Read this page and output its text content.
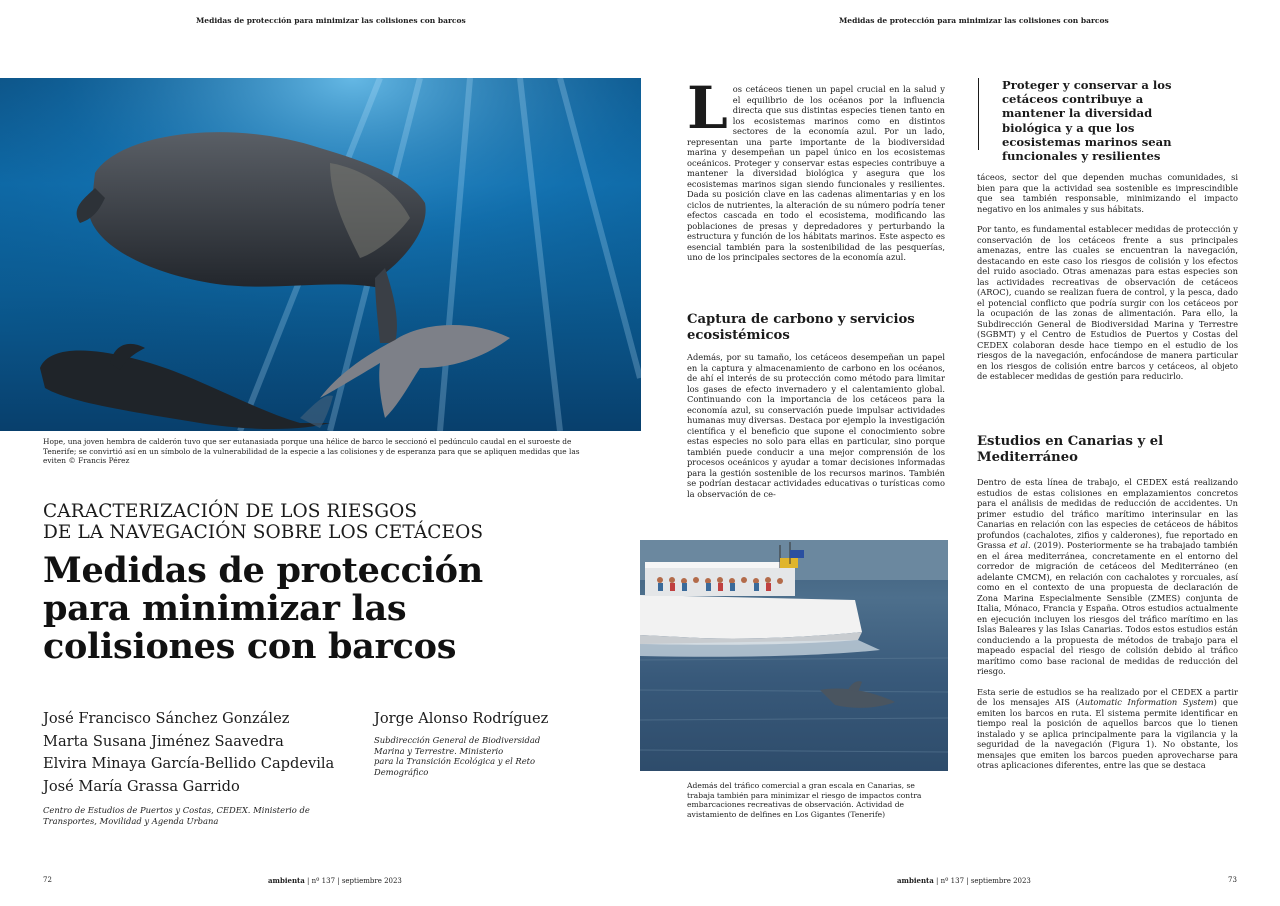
Medidas de protección para minimizar las colisiones con barcos	Medidas de protección para minimizar las colisiones con barcos
Hope, una joven hembra de calderón tuvo que ser eutanasiada porque una hélice de barco le seccionó el pedúnculo caudal en el suroeste de Tenerife; se convirtió así en un símbolo de la vulnerabilidad de la especie a las colisiones y de esperanza para que se apliquen medidas que las eviten © Francis Pérez
CARACTERIZACIÓN DE LOS RIESGOS
DE LA NAVEGACIÓN SOBRE LOS CETÁCEOS
Medidas de protección
para minimizar las
colisiones con barcos
José Francisco Sánchez González
Marta Susana Jiménez Saavedra
Elvira Minaya García-Bellido Capdevila
José María Grassa Garrido
Centro de Estudios de Puertos y Costas, CEDEX. Ministerio de
Transportes, Movilidad y Agenda Urbana
Jorge Alonso Rodríguez
Subdirección General de Biodiversidad
Marina y Terrestre. Ministerio
para la Transición Ecológica y el Reto
Demográfico
72	ambienta | nº 137 | septiembre 2023

Los cetáceos tienen un papel crucial en la salud y el equilibrio de los océanos por la influencia directa que sus distintas especies tienen tanto en los ecosistemas marinos como en distintos sectores de la economía azul. Por un lado, representan una parte importante de la biodiversidad marina y desempeñan un papel único en los ecosistemas oceánicos. Proteger y conservar estas especies contribuye a mantener la diversidad biológica y asegura que los ecosistemas marinos sigan siendo funcionales y resilientes. Dada su posición clave en las cadenas alimentarias y en los ciclos de nutrientes, la alteración de su número podría tener efectos cascada en todo el ecosistema, modificando las poblaciones de presas y depredadores y perturbando la estructura y función de los hábitats marinos. Este aspecto es esencial también para la sostenibilidad de las pesquerías, uno de los principales sectores de la economía azul.

Captura de carbono y servicios ecosistémicos

Además, por su tamaño, los cetáceos desempeñan un papel en la captura y almacenamiento de carbono en los océanos, de ahí el interés de su protección como método para limitar los gases de efecto invernadero y el calentamiento global. Continuando con la importancia de los cetáceos para la economía azul, su conservación puede impulsar actividades humanas muy diversas. Destaca por ejemplo la investigación científica y el beneficio que supone el conocimiento sobre estas especies no solo para ellas en particular, sino porque también puede conducir a una mejor comprensión de los procesos oceánicos y ayudar a tomar decisiones informadas para la gestión sostenible de los recursos marinos. También se podrían destacar actividades educativas o turísticas como la observación de ce-

Además del tráfico comercial a gran escala en Canarias, se trabaja también para minimizar el riesgo de impactos contra embarcaciones recreativas de observación. Actividad de avistamiento de delfines en Los Gigantes (Tenerife)
Proteger y conservar a los cetáceos contribuye a mantener la diversidad biológica y a que los ecosistemas marinos sean funcionales y resilientes

táceos, sector del que dependen muchas comunidades, si bien para que la actividad sea sostenible es imprescindible que sea también responsable, minimizando el impacto negativo en los animales y sus hábitats.

Por tanto, es fundamental establecer medidas de protección y conservación de los cetáceos frente a sus principales amenazas, entre las cuales se encuentran la navegación, destacando en este caso los riesgos de colisión y los efectos del ruido asociado. Otras amenazas para estas especies son las actividades recreativas de observación de cetáceos (AROC), cuando se realizan fuera de control, y la pesca, dado el potencial conflicto que podría surgir con los cetáceos por la ocupación de las zonas de alimentación. Para ello, la Subdirección General de Biodiversidad Marina y Terrestre (SGBMT) y el Centro de Estudios de Puertos y Costas del CEDEX colaboran desde hace tiempo en el estudio de los riesgos de la navegación, enfocándose de manera particular en los riesgos de colisión entre barcos y cetáceos, al objeto de establecer medidas de gestión para reducirlo.

Estudios en Canarias y el Mediterráneo

Dentro de esta línea de trabajo, el CEDEX está realizando estudios de estas colisiones en emplazamientos concretos para el análisis de medidas de reducción de accidentes. Un primer estudio del tráfico marítimo interinsular en las Canarias en relación con las especies de cetáceos de hábitos profundos (cachalotes, zifios y calderones), fue reportado en Grassa et al. (2019). Posteriormente se ha trabajado también en el área mediterránea, concretamente en el entorno del corredor de migración de cetáceos del Mediterráneo (en adelante CMCM), en relación con cachalotes y rorcuales, así como en el contexto de una propuesta de declaración de Zona Marina Especialmente Sensible (ZMES) conjunta de Italia, Mónaco, Francia y España. Otros estudios actualmente en ejecución incluyen los riesgos del tráfico marítimo en las Islas Baleares y las Islas Canarias. Todos estos estudios están conduciendo a la propuesta de métodos de trabajo para el mapeado espacial del riesgo de colisión debido al tráfico marítimo como base racional de medidas de reducción del riesgo.

Esta serie de estudios se ha realizado por el CEDEX a partir de los mensajes AIS (Automatic Information System) que emiten los barcos en ruta. El sistema permite identificar en tiempo real la posición de aquellos barcos que lo tienen instalado y se aplica principalmente para la vigilancia y la seguridad de la navegación (Figura 1). No obstante, los mensajes que emiten los barcos pueden aprovecharse para otras aplicaciones diferentes, entre las que se destaca

ambienta | nº 137 | septiembre 2023	73
